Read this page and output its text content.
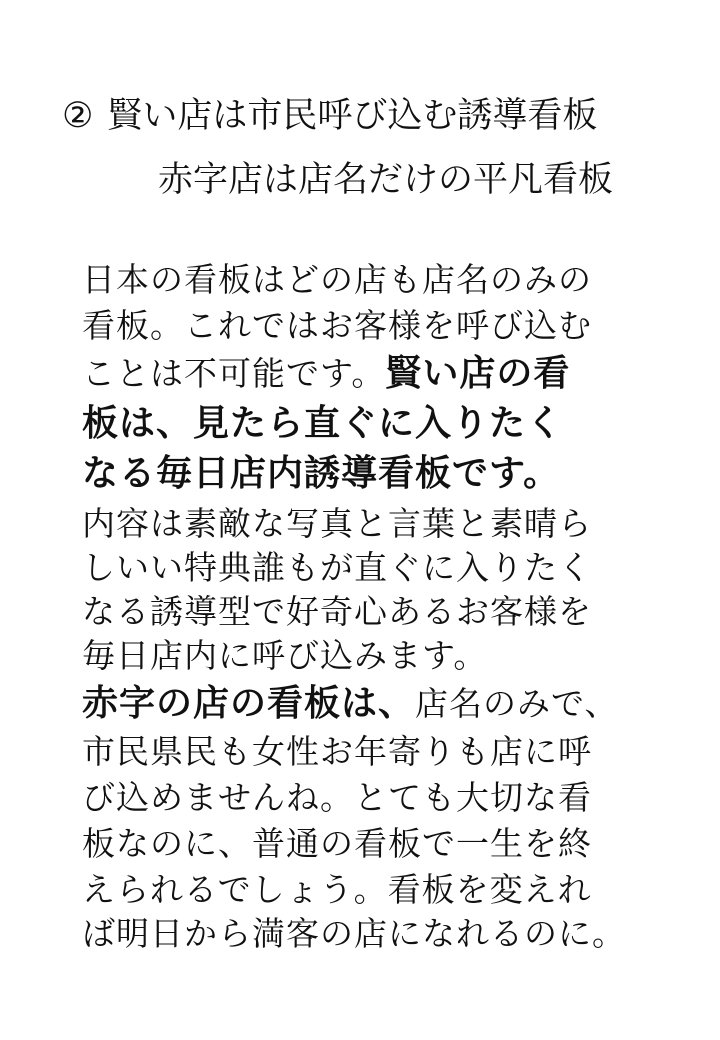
② 賢い店は市民呼び込む誘導看板
赤字店は店名だけの平凡看板
日本の看板はどの店も店名のみの
看板。これではお客様を呼び込む
ことは不可能です。賢い店の看
板は、見たら直ぐに入りたく
なる毎日店内誘導看板です。
内容は素敵な写真と言葉と素晴ら
しいい特典誰もが直ぐに入りたく
なる誘導型で好奇心あるお客様を
毎日店内に呼び込みます。
赤字の店の看板は、店名のみで、
市民県民も女性お年寄りも店に呼
び込めませんね。とても大切な看
板なのに、普通の看板で一生を終
えられるでしょう。看板を変えれ
ば明日から満客の店になれるのに。
